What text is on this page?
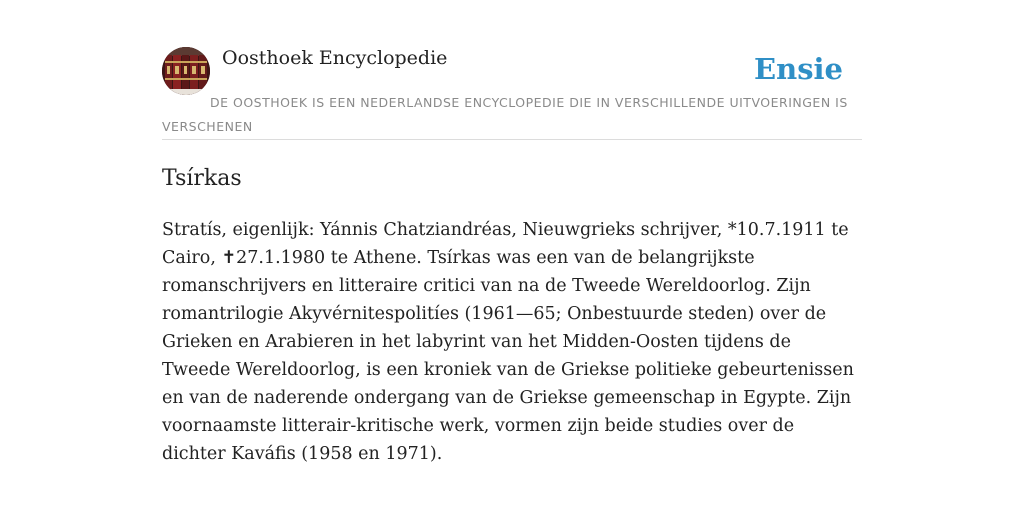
Oosthoek Encyclopedie	Ensie
DE OOSTHOEK IS EEN NEDERLANDSE ENCYCLOPEDIE DIE IN VERSCHILLENDE UITVOERINGEN IS VERSCHENEN
Tsírkas

Stratís, eigenlijk: Yánnis Chatziandréas, Nieuwgrieks schrijver, *10.7.1911 te Cairo, ✝27.1.1980 te Athene. Tsírkas was een van de belangrijkste romanschrijvers en litteraire critici van na de Tweede Wereldoorlog. Zijn romantrilogie Akyvérnitespolitíes (1961—65; Onbestuurde steden) over de Grieken en Arabieren in het labyrint van het Midden-Oosten tijdens de Tweede Wereldoorlog, is een kroniek van de Griekse politieke gebeurtenissen en van de naderende ondergang van de Griekse gemeenschap in Egypte. Zijn voornaamste litterair-kritische werk, vormen zijn beide studies over de dichter Kaváfis (1958 en 1971).
